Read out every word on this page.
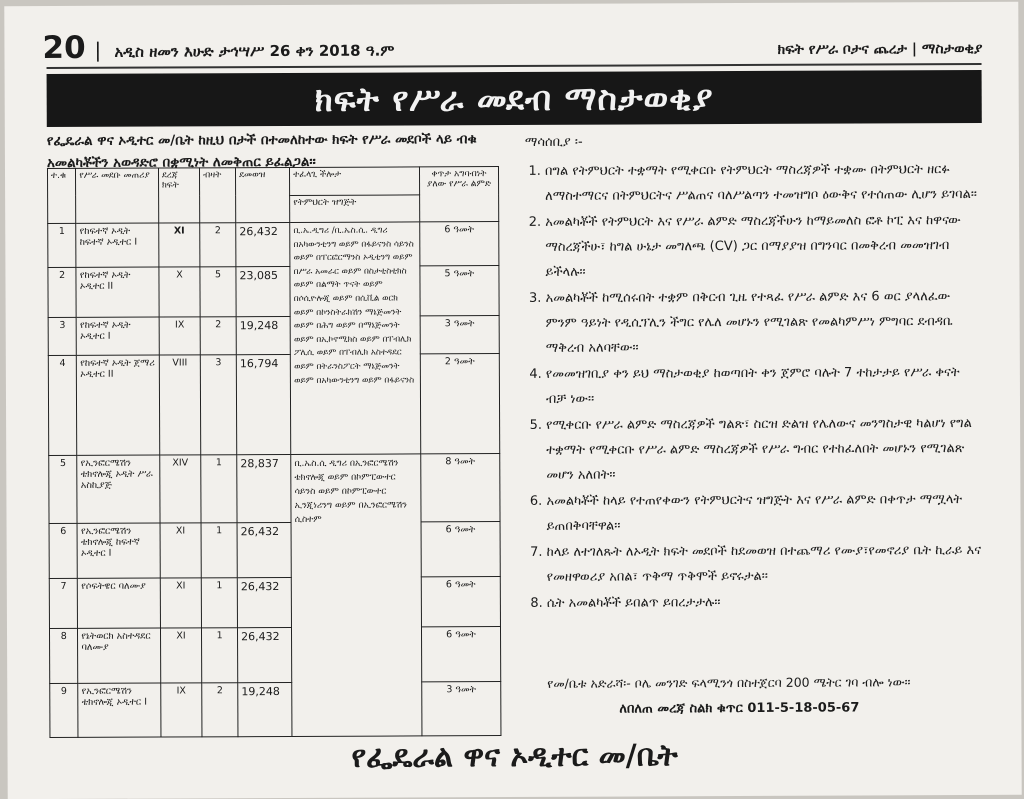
20 | አዲስ ዘመን እሁድ ታኅሣሥ 26 ቀን 2018 ዓ.ም	ክፍት የሥራ ቦታና ጨረታ | ማስታወቂያ
ክፍት የሥራ መደብ ማስታወቂያ
የፌዴራል ዋና ኦዲተር መ/ቤት ከዚህ በታች በተመለከተው ክፍት የሥራ መደቦች ላይ ብቁ አመልካቾችን አወዳድሮ በቋሚነት ለመቅጠር ይፈልጋል፡፡
ተ.ቁ	የሥራ መደቡ መጠሪያ	ደረጃ ክፍት	ብዛት	ደመወዝ	ተፈላጊ ችሎታ	ቀጥታ አግባብነት ያለው የሥራ ልምድ
					የትምህርት ዝግጅት	
1	የከፍተኛ ኦዲት ከፍተኛ ኦዲተር I	XI	2	26,432	ቢ.ኤ.ዲግሪ /ቢ.ኤስ.ሲ. ዲግሪ በአካውንቲንግ ወይም በፋይናንስ ሳይንስ ወይም በፐርፎርማንስ ኦዲቲንግ ወይም በሥራ አመራር ወይም በስታቲስቲክስ ወይም በልማት ጥናት ወይም በሶሲዮሎጂ ወይም በሲቪል ወርክ ወይም በኮንስትራክሽን ማኔጅመንት ወይም በሕግ ወይም በማኔጅመንት ወይም በኢኮኖሚክስ ወይም በፐብሊክ ፖሊሲ ወይም በፐብሊክ አስተዳደር ወይም በትራንስፖርት ማኔጅመንት ወይም በአካውንቲንግ ወይም በፋይናንስ	6 ዓመት
2	የከፍተኛ ኦዲት ኦዲተር II	X	5	23,085		5 ዓመት
3	የከፍተኛ ኦዲት ኦዲተር I	IX	2	19,248		3 ዓመት
4	የከፍተኛ ኦዲት ጀማሪ ኦዲተር II	VIII	3	16,794		2 ዓመት
5	የኢንፎርሜሽን ቴክኖሎጂ ኦዲት ሥራ አስኪያጅ	XIV	1	28,837	ቢ.ኤስ.ሲ ዲግሪ በኢንፎርሜሽን ቴክኖሎጂ ወይም በኮምፒውተር ሳይንስ ወይም በኮምፒውተር ኢንጂነሪንግ ወይም በኢንፎርሜሽን ሲስተም	8 ዓመት
6	የኢንፎርሜሽን ቴክኖሎጂ ከፍተኛ ኦዲተር I	XI	1	26,432		6 ዓመት
7	የሶፍትዌር ባለሙያ	XI	1	26,432		6 ዓመት
8	የኔትወርክ አስተዳደር ባለሙያ	XI	1	26,432		6 ዓመት
9	የኢንፎርሜሽን ቴክኖሎጂ ኦዲተር I	IX	2	19,248		3 ዓመት
ማሳሰቢያ ፡-
1. በግል የትምህርት ተቋማት የሚቀርቡ የትምህርት ማስረጃዎች ተቋሙ በትምህርት ዘርፉ ለማስተማርና በትምህርትና ሥልጠና ባለሥልጣን ተመዝግቦ ዕውቅና የተሰጠው ሊሆን ይገባል፡፡
2. አመልካቾች የትምህርት እና የሥራ ልምድ ማስረጃችሁን ከማይመለስ ፎቶ ኮፒ እና ከዋናው ማስረጃችሁ፣ ከግል ሁኔታ መግለጫ (CV) ጋር በማያያዝ በግንባር በመቅረብ መመዝገብ ይችላሉ፡፡
3. አመልካቾች ከሚሰሩበት ተቋም በቅርብ ጊዜ የተጻፈ የሥራ ልምድ እና 6 ወር ያላለፈው ምንም ዓይነት የዲሲፕሊን ችግር የሌለ መሆኑን የሚገልጽ የመልካምሥነ ምግባር ደብዳቤ ማቅረብ አለባቸው፡፡
4. የመመዝገቢያ ቀን ይህ ማስታወቂያ ከወጣበት ቀን ጀምሮ ባሉት 7 ተከታታይ የሥራ ቀናት ብቻ ነው፡፡
5. የሚቀርቡ የሥራ ልምድ ማስረጃዎች ግልጽ፣ ስርዝ ድልዝ የሌለውና መንግስታዊ ካልሆነ የግል ተቋማት የሚቀርቡ የሥራ ልምድ ማስረጃዎች የሥራ ግብር የተከፈለበት መሆኑን የሚገልጽ መሆን አለበት፡፡
6. አመልካቾች ከላይ የተጠየቀውን የትምህርትና ዝግጅት እና የሥራ ልምድ በቀጥታ ማሟላት ይጠበቅባቸዋል፡፡
7. ከላይ ለተገለጹት ለኦዲት ክፍት መደቦች ከደመወዝ በተጨማሪ የሙያ፣የመኖሪያ ቤት ኪራይ እና የመዘዋወሪያ አበል፣ ጥቅማ ጥቅሞች ይኖሩታል፡፡
8. ሴት አመልካቾች ይበልጥ ይበረታታሉ፡፡
የመ/ቤቱ አድራሻ፡- ቦሌ መንገድ ፍላሚንጎ በስተጀርባ 200 ሜትር ገባ ብሎ ነው፡፡
ለበለጠ መረጃ ስልክ ቁጥር 011-5-18-05-67
የፌዴራል ዋና ኦዲተር መ/ቤት
